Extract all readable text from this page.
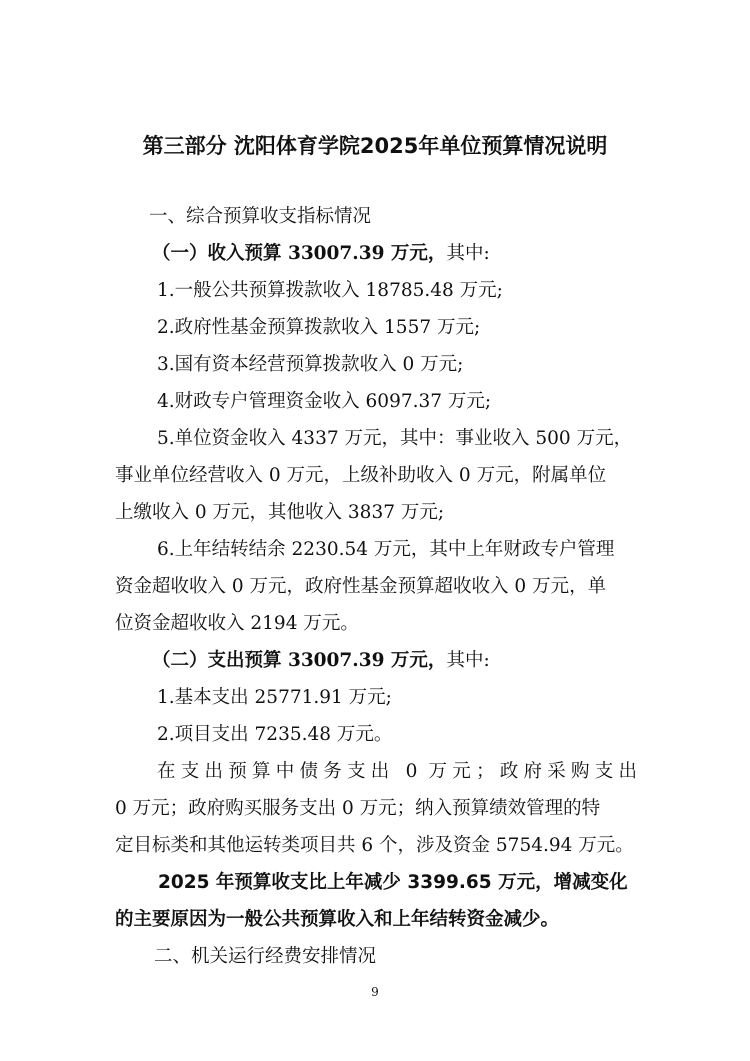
第三部分 沈阳体育学院2025年单位预算情况说明
一、综合预算收支指标情况
（一）收入预算 33007.39 万元，其中:
1.一般公共预算拨款收入 18785.48 万元;
2.政府性基金预算拨款收入 1557 万元;
3.国有资本经营预算拨款收入 0 万元;
4.财政专户管理资金收入 6097.37 万元;
5.单位资金收入 4337 万元，其中：事业收入 500 万元，
事业单位经营收入 0 万元，上级补助收入 0 万元，附属单位
上缴收入 0 万元，其他收入 3837 万元;
6.上年结转结余 2230.54 万元，其中上年财政专户管理
资金超收收入 0 万元，政府性基金预算超收收入 0 万元，单
位资金超收收入 2194 万元。
（二）支出预算 33007.39 万元，其中:
1.基本支出 25771.91 万元;
2.项目支出 7235.48 万元。
在支出预算中债务支出 0 万元；政府采购支出
0 万元；政府购买服务支出 0 万元；纳入预算绩效管理的特
定目标类和其他运转类项目共 6 个，涉及资金 5754.94 万元。
2025 年预算收支比上年减少 3399.65 万元，增减变化
的主要原因为一般公共预算收入和上年结转资金减少。
二、机关运行经费安排情况
9
